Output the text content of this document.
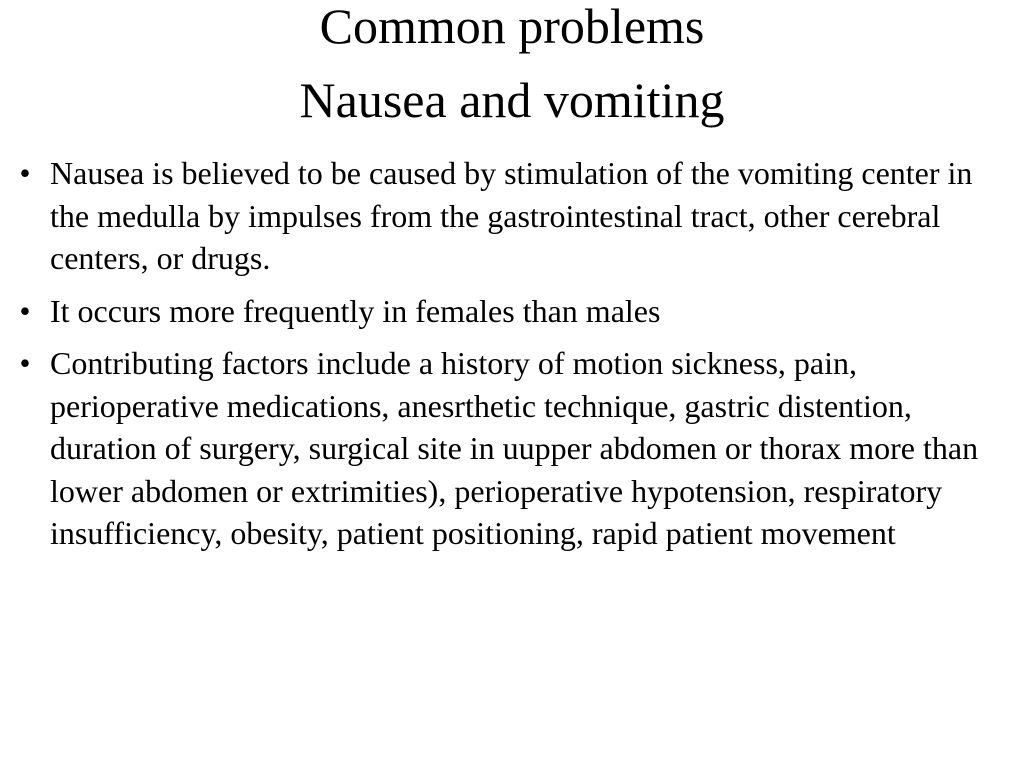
Common problems
Nausea and vomiting
• Nausea is believed to be caused by stimulation of the vomiting center in the medulla by impulses from the gastrointestinal tract, other cerebral centers, or drugs.
• It occurs more frequently in females than males
• Contributing factors include a history of motion sickness, pain, perioperative medications, anesrthetic technique, gastric distention, duration of surgery, surgical site in uupper abdomen or thorax more than lower abdomen or extrimities), perioperative hypotension, respiratory insufficiency, obesity, patient positioning, rapid patient movement
